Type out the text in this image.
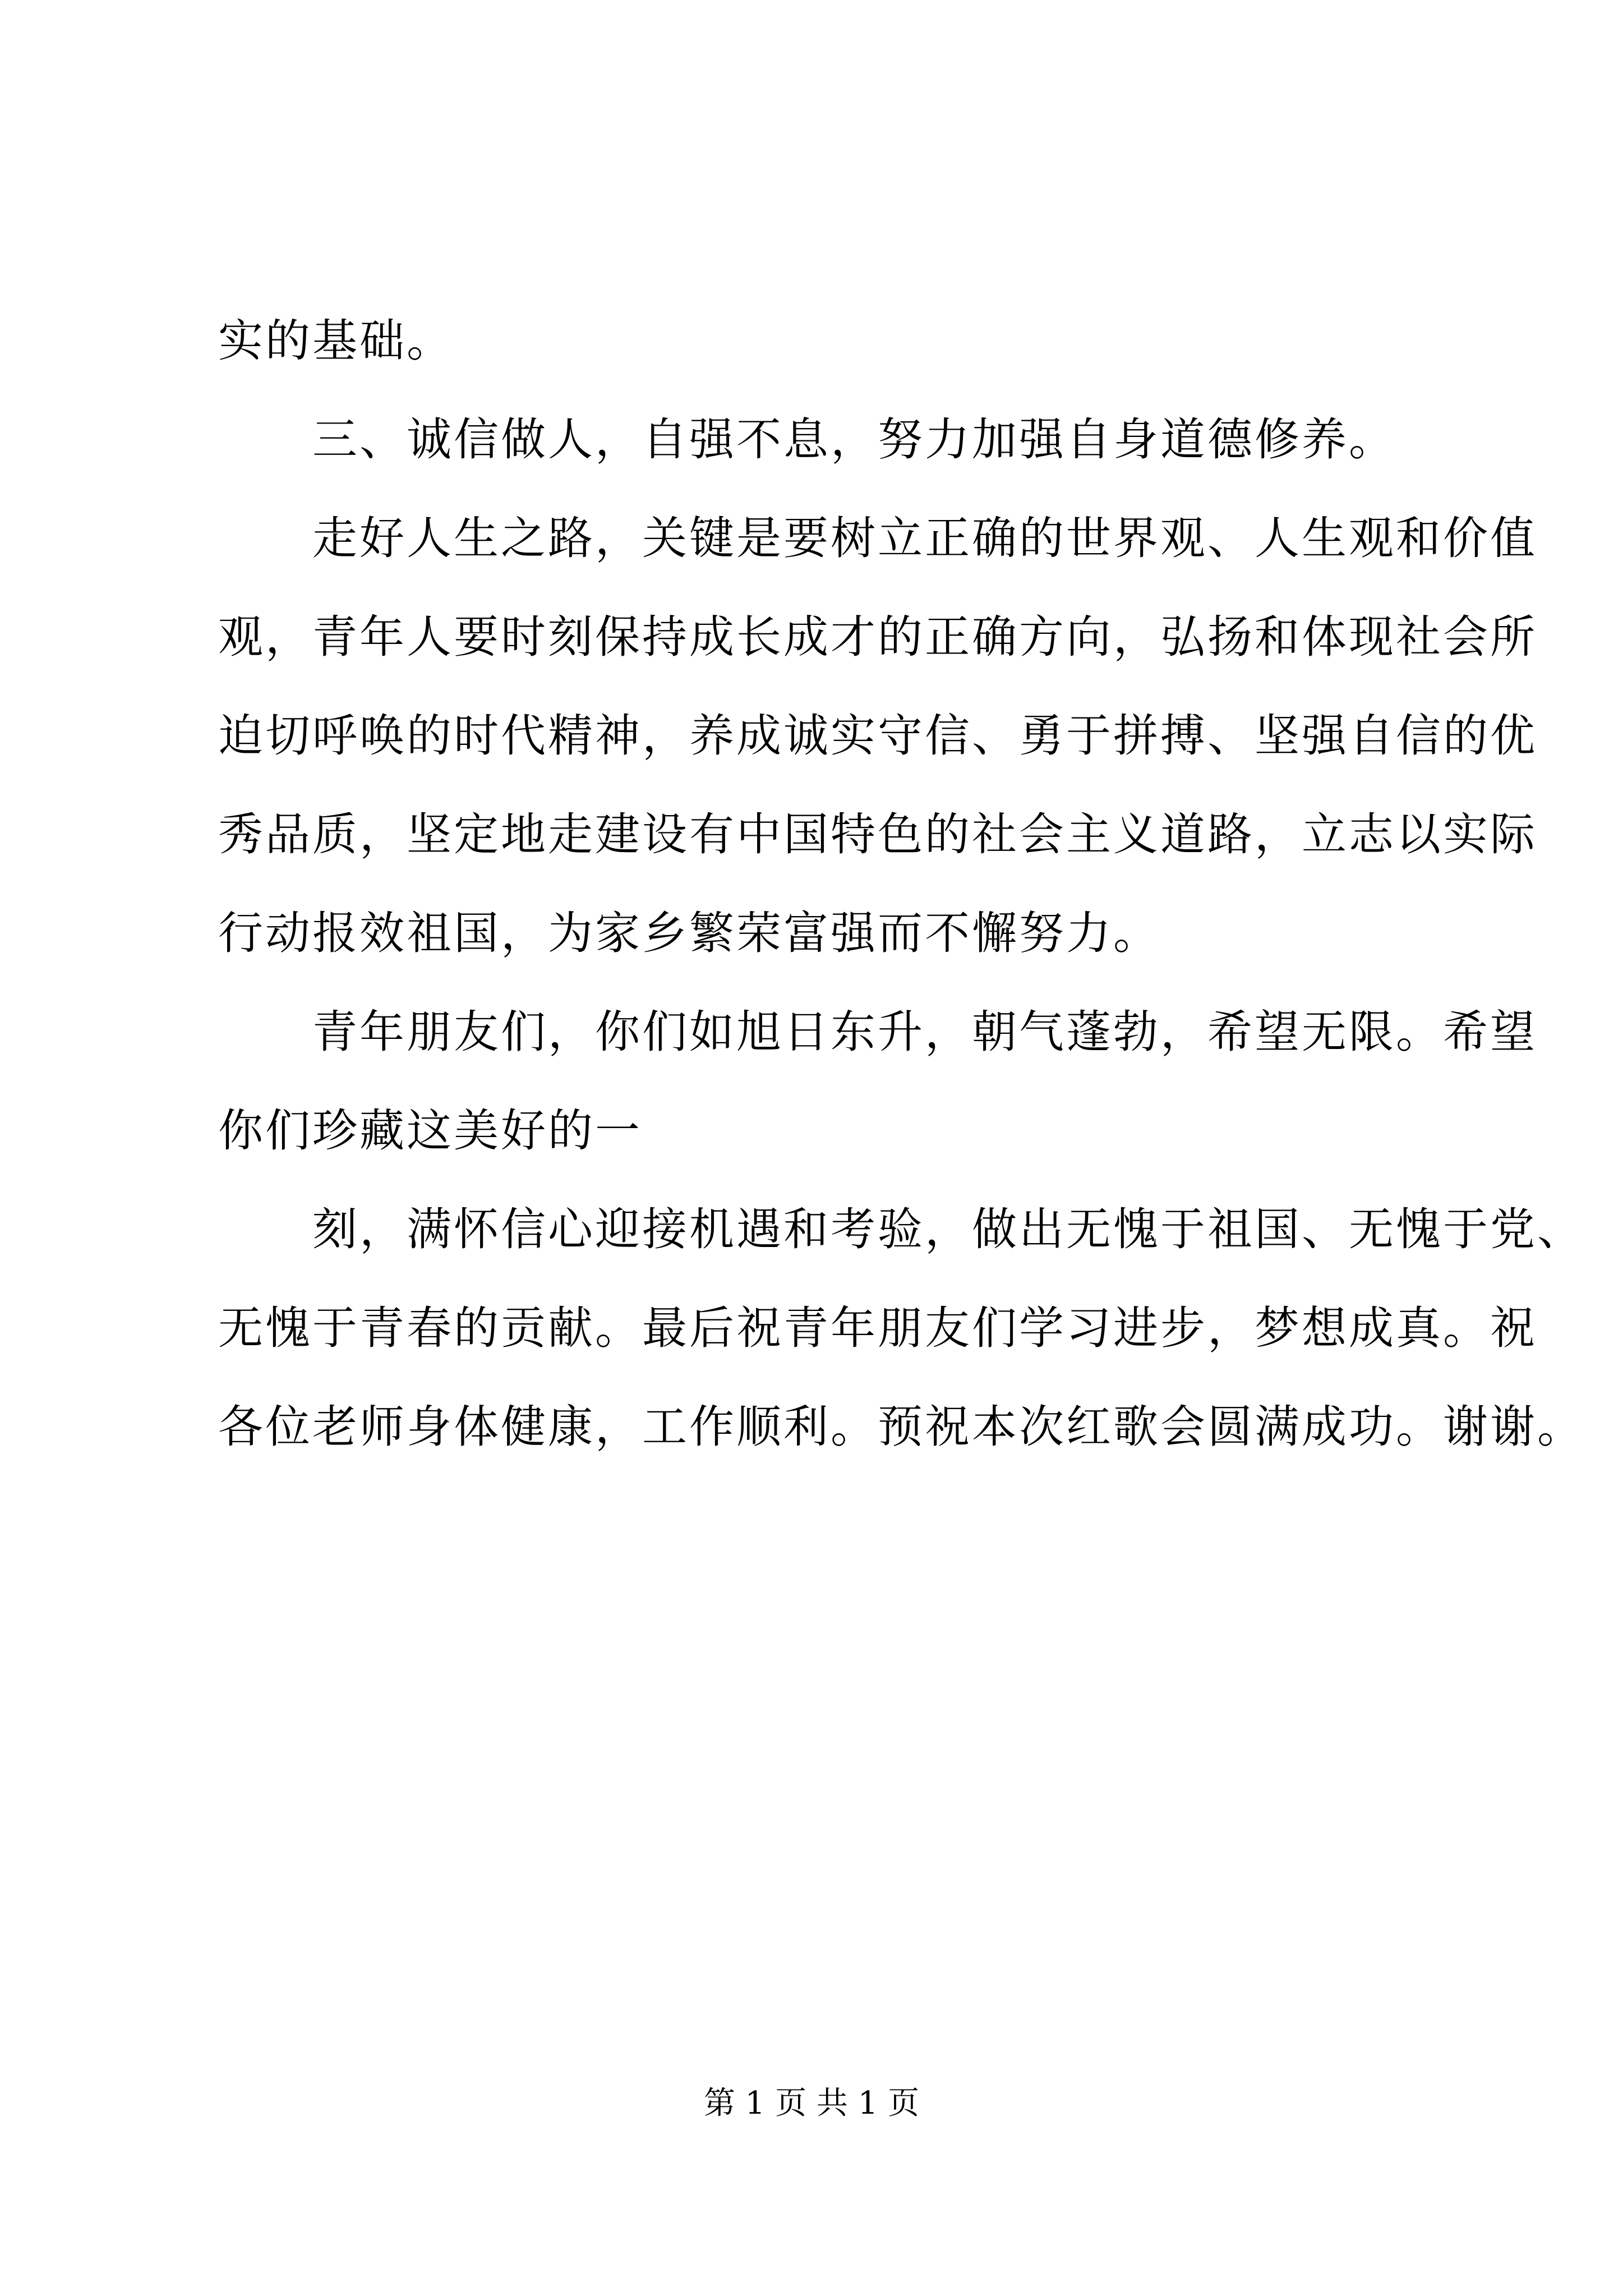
实的基础。
三、诚信做人，自强不息，努力加强自身道德修养。
走好人生之路，关键是要树立正确的世界观、人生观和价值
观，青年人要时刻保持成长成才的正确方向，弘扬和体现社会所
迫切呼唤的时代精神，养成诚实守信、勇于拼搏、坚强自信的优
秀品质，坚定地走建设有中国特色的社会主义道路，立志以实际
行动报效祖国，为家乡繁荣富强而不懈努力。
青年朋友们，你们如旭日东升，朝气蓬勃，希望无限。希望
你们珍藏这美好的一
刻，满怀信心迎接机遇和考验，做出无愧于祖国、无愧于党、
无愧于青春的贡献。最后祝青年朋友们学习进步，梦想成真。祝
各位老师身体健康，工作顺利。预祝本次红歌会圆满成功。谢谢。
第 1 页 共 1 页
